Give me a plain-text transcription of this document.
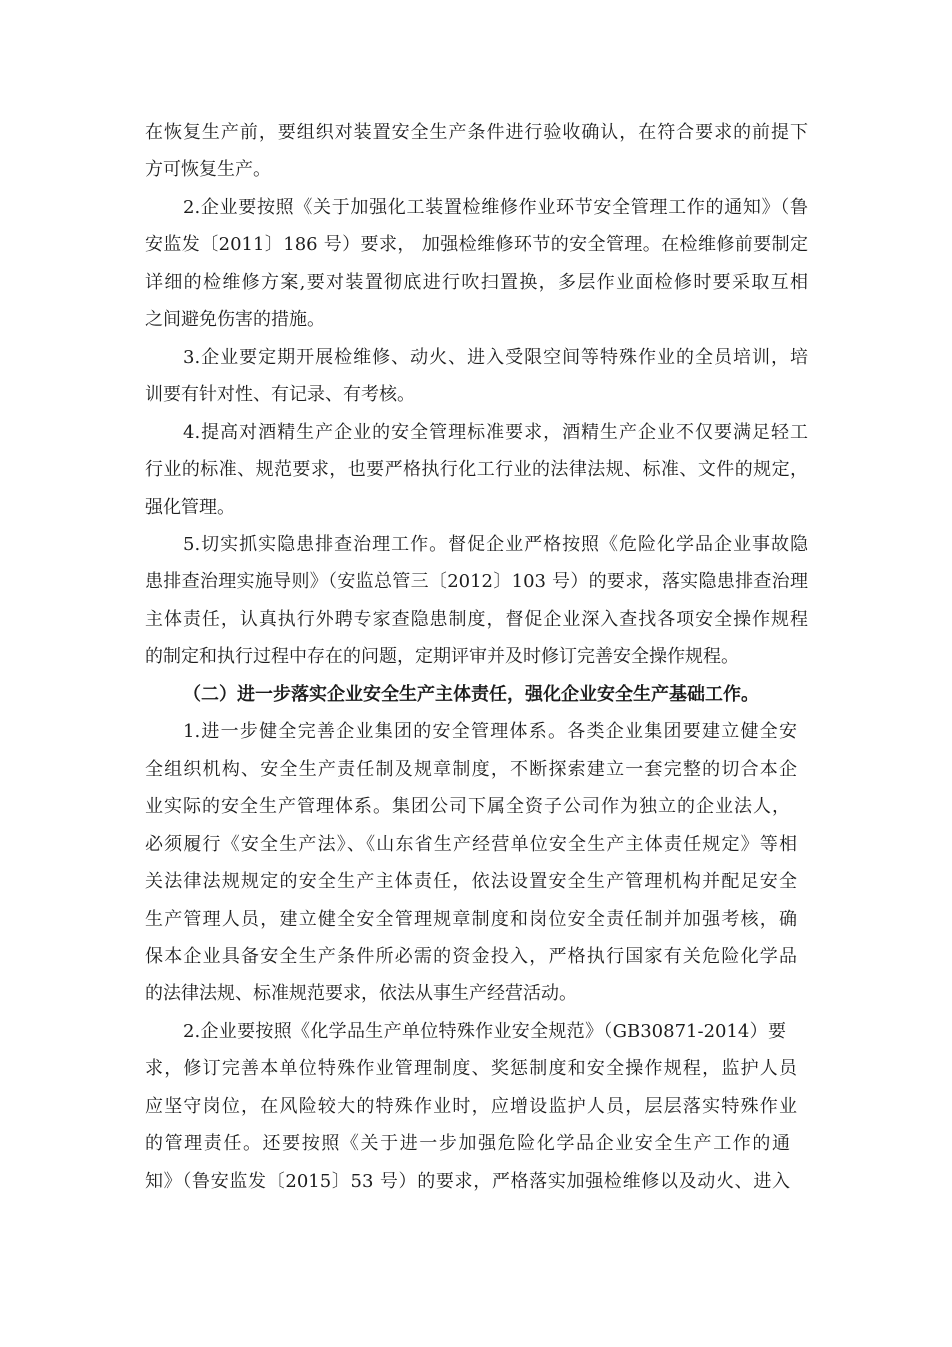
在恢复生产前，要组织对装置安全生产条件进行验收确认，在符合要求的前提下
方可恢复生产。
2.企业要按照《关于加强化工装置检维修作业环节安全管理工作的通知》（鲁
安监发〔2011〕186 号）要求， 加强检维修环节的安全管理。在检维修前要制定
详细的检维修方案,要对装置彻底进行吹扫置换，多层作业面检修时要采取互相
之间避免伤害的措施。
3.企业要定期开展检维修、动火、进入受限空间等特殊作业的全员培训，培
训要有针对性、有记录、有考核。
4.提高对酒精生产企业的安全管理标准要求，酒精生产企业不仅要满足轻工
行业的标准、规范要求，也要严格执行化工行业的法律法规、标准、文件的规定，
强化管理。
5.切实抓实隐患排查治理工作。督促企业严格按照《危险化学品企业事故隐
患排查治理实施导则》（安监总管三〔2012〕103 号）的要求，落实隐患排查治理
主体责任，认真执行外聘专家查隐患制度，督促企业深入查找各项安全操作规程
的制定和执行过程中存在的问题，定期评审并及时修订完善安全操作规程。
（二）进一步落实企业安全生产主体责任，强化企业安全生产基础工作。
1.进一步健全完善企业集团的安全管理体系。各类企业集团要建立健全安
全组织机构、安全生产责任制及规章制度，不断探索建立一套完整的切合本企
业实际的安全生产管理体系。集团公司下属全资子公司作为独立的企业法人，
必须履行《安全生产法》、《山东省生产经营单位安全生产主体责任规定》等相
关法律法规规定的安全生产主体责任，依法设置安全生产管理机构并配足安全
生产管理人员，建立健全安全管理规章制度和岗位安全责任制并加强考核，确
保本企业具备安全生产条件所必需的资金投入，严格执行国家有关危险化学品
的法律法规、标准规范要求，依法从事生产经营活动。
2.企业要按照《化学品生产单位特殊作业安全规范》（GB30871-2014）要
求，修订完善本单位特殊作业管理制度、奖惩制度和安全操作规程，监护人员
应坚守岗位，在风险较大的特殊作业时，应增设监护人员，层层落实特殊作业
的管理责任。还要按照《关于进一步加强危险化学品企业安全生产工作的通
知》（鲁安监发〔2015〕53 号）的要求，严格落实加强检维修以及动火、进入
